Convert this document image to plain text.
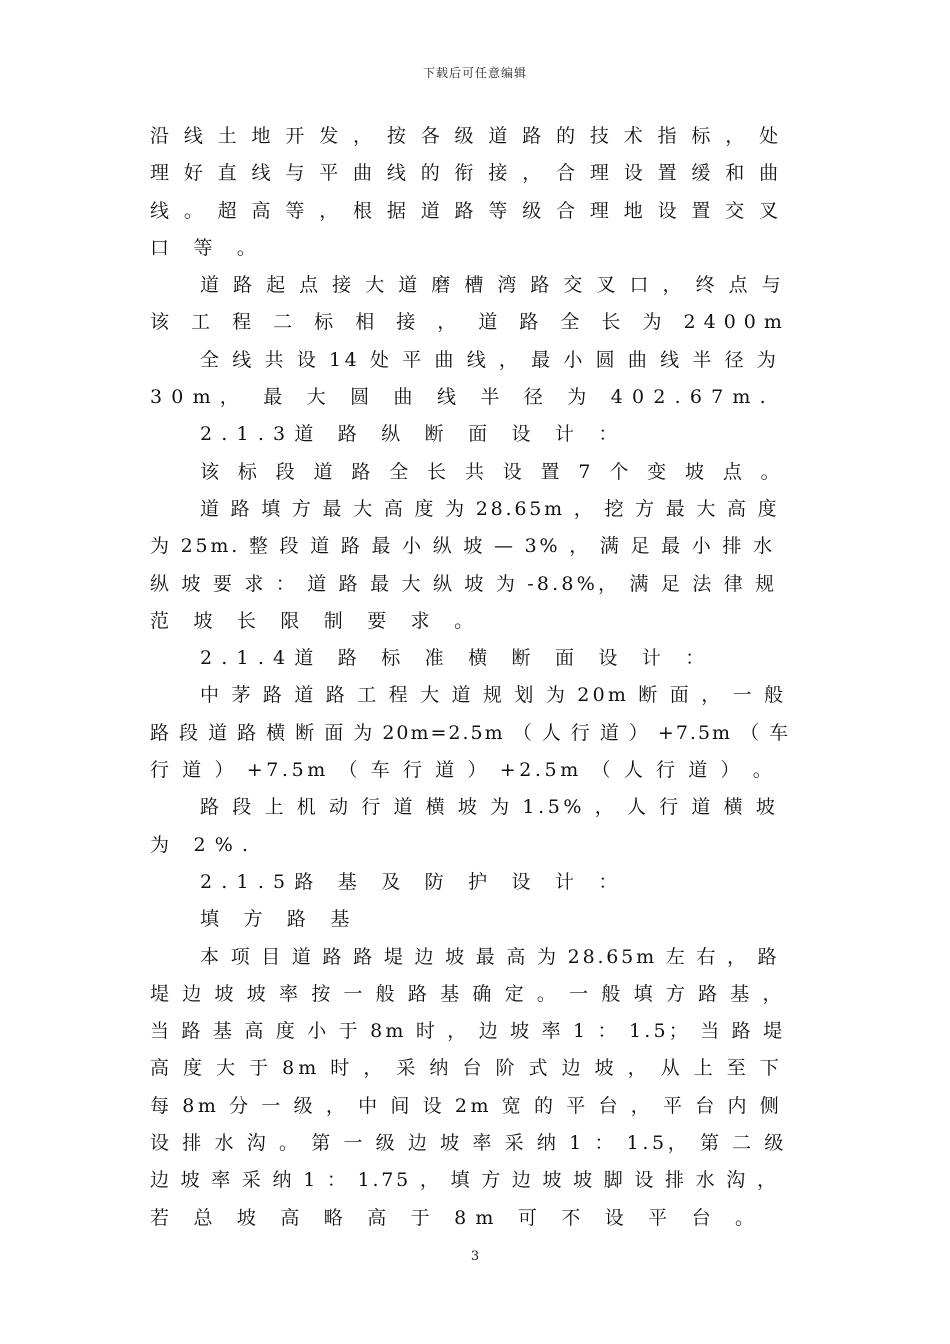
下载后可任意编辑
沿 线 土 地 开 发 ， 按 各 级 道 路 的 技 术 指 标 ， 处
理 好 直 线 与 平 曲 线 的 衔 接 ， 合 理 设 置 缓 和 曲
线 。 超 高 等 ， 根 据 道 路 等 级 合 理 地 设 置 交 叉
口 等 。
道 路 起 点 接 大 道 磨 槽 湾 路 交 叉 口 ， 终 点 与
该 工 程 二 标 相 接 ， 道 路 全 长 为 2400m
全 线 共 设 14 处 平 曲 线 ， 最 小 圆 曲 线 半 径 为
30m， 最 大 圆 曲 线 半 径 为 402.67m.
2.1.3道 路 纵 断 面 设 计 ：
该 标 段 道 路 全 长 共 设 置 7 个 变 坡 点 。
道 路 填 方 最 大 高 度 为 28.65m ， 挖 方 最 大 高 度
为 25m. 整 段 道 路 最 小 纵 坡 — 3% ， 满 足 最 小 排 水
纵 坡 要 求 ： 道 路 最 大 纵 坡 为 -8.8%， 满 足 法 律 规
范 坡 长 限 制 要 求 。
2.1.4道 路 标 准 横 断 面 设 计 ：
中 茅 路 道 路 工 程 大 道 规 划 为 20m 断 面 ， 一 般
路 段 道 路 横 断 面 为 20m=2.5m （ 人 行 道 ） +7.5m （ 车
行 道 ） +7.5m （ 车 行 道 ） +2.5m （ 人 行 道 ） 。
路 段 上 机 动 行 道 横 坡 为 1.5% ， 人 行 道 横 坡
为 2%.
2.1.5路 基 及 防 护 设 计 ：
填 方 路 基
本 项 目 道 路 路 堤 边 坡 最 高 为 28.65m 左 右 ， 路
堤 边 坡 坡 率 按 一 般 路 基 确 定 。 一 般 填 方 路 基 ，
当 路 基 高 度 小 于 8m 时 ， 边 坡 率 1 ： 1.5； 当 路 堤
高 度 大 于 8m 时 ， 采 纳 台 阶 式 边 坡 ， 从 上 至 下
每 8m 分 一 级 ， 中 间 设 2m 宽 的 平 台 ， 平 台 内 侧
设 排 水 沟 。 第 一 级 边 坡 率 采 纳 1 ： 1.5， 第 二 级
边 坡 率 采 纳 1 ： 1.75 ， 填 方 边 坡 坡 脚 设 排 水 沟 ，
若 总 坡 高 略 高 于 8m 可 不 设 平 台 。
3
